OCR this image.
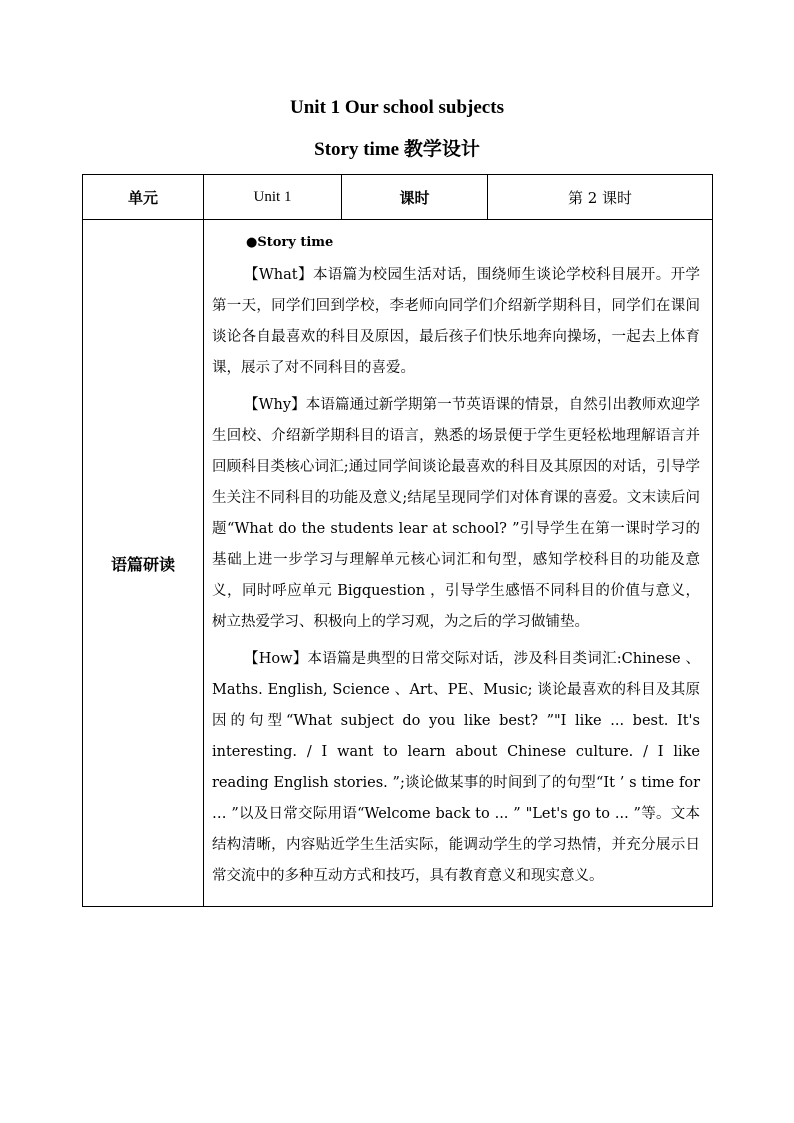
Unit 1 Our school subjects
Story time 教学设计
单元	Unit 1	课时	第 2 课时
语篇研读	●Story time

【What】本语篇为校园生活对话，围绕师生谈论学校科目展开。开学第一天，同学们回到学校，李老师向同学们介绍新学期科目，同学们在课间谈论各自最喜欢的科目及原因，最后孩子们快乐地奔向操场，一起去上体育课，展示了对不同科目的喜爱。

【Why】本语篇通过新学期第一节英语课的情景，自然引出教师欢迎学生回校、介绍新学期科目的语言，熟悉的场景便于学生更轻松地理解语言并回顾科目类核心词汇;通过同学间谈论最喜欢的科目及其原因的对话，引导学生关注不同科目的功能及意义;结尾呈现同学们对体育课的喜爱。文末读后问题“What do the students lear at school? ”引导学生在第一课时学习的基础上进一步学习与理解单元核心词汇和句型，感知学校科目的功能及意义，同时呼应单元 Bigquestion ，引导学生感悟不同科目的价值与意义，树立热爱学习、积极向上的学习观，为之后的学习做铺垫。

【How】本语篇是典型的日常交际对话，涉及科目类词汇:Chinese 、Maths. English, Science 、Art、PE、Music; 谈论最喜欢的科目及其原因的句型“What subject do you like best? ”"I like ... best. It's interesting. / I want to learn about Chinese culture. / I like reading English stories. ”;谈论做某事的时间到了的句型“It ’ s time for … ”以及日常交际用语“Welcome back to ... ” "Let's go to ... ”等。文本结构清晰，内容贴近学生生活实际，能调动学生的学习热情，并充分展示日常交流中的多种互动方式和技巧，具有教育意义和现实意义。		
